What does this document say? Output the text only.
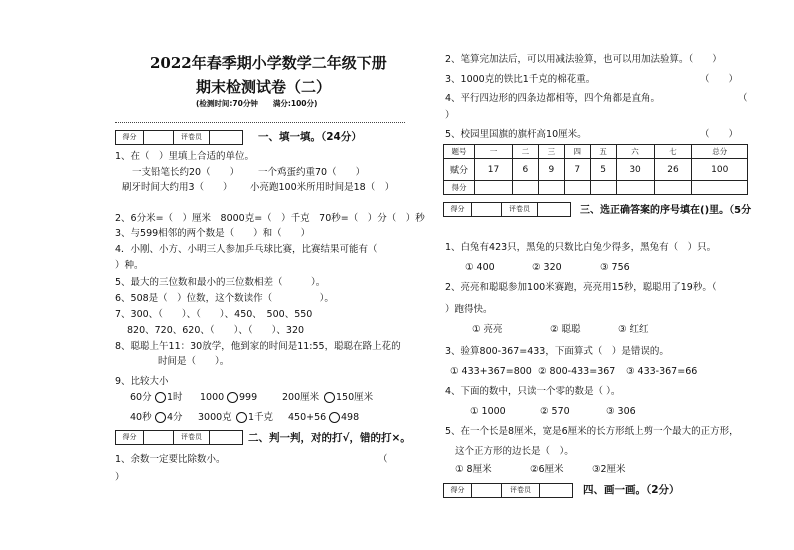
2022年春季期小学数学二年级下册
期末检测试卷（二）
(检测时间:70分钟　　满分:100分)
得分	评卷员	一、填一填。（24分）
1、在（　）里填上合适的单位。
一支铅笔长约20（　　） 一个鸡蛋约重70（　　）
刷牙时间大约用3（　　） 小亮跑100米所用时间是18（　）
2、6分米=（　）厘米　8000克=（　）千克　70秒=（　）分（　）秒
3、与599相邻的两个数是（　　）和（　　）
4．小刚、小方、小明三人参加乒乓球比赛，比赛结果可能有（
）种。
5、最大的三位数和最小的三位数相差（　　　）。
6、508是（　）位数，这个数读作（　　　　　）。
7、300、（　　）、（　　）、450、　500、550
820、720、620、（　　）、（　　）、320
8、聪聪上午11：30放学，他到家的时间是11:55，聪聪在路上花的
时间是（　　）。
9、比较大小
60分 1时 1000 999	200厘米 150厘米
40秒 4分 3000克 1千克 450+56 498
得分	评卷员	二、判一判，对的打√，错的打×。
1、余数一定要比除数小。	（
）
2、笔算完加法后，可以用减法验算，也可以用加法验算。（　　）
3、1000克的铁比1千克的棉花重。	（　　）
4、平行四边形的四条边都相等，四个角都是直角。	（
）
5、校园里国旗的旗杆高10厘米。	（　　）
题号	一	二	三	四	五	六	七	总分
赋分	17	6	9	7	5	30	26	100
得分								
得分	评卷员	三、选正确答案的序号填在()里。（5分
1、白兔有423只，黑兔的只数比白兔少得多，黑兔有（　）只。
① 400	② 320	③ 756
2、亮亮和聪聪参加100米赛跑，亮亮用15秒，聪聪用了19秒。（
）跑得快。
① 亮亮	② 聪聪	③ 红红
3、验算800-367=433，下面算式（　）是错误的。
① 433+367=800 ② 800-433=367 ③ 433-367=66
4、下面的数中，只读一个零的数是（ ）。
① 1000	② 570	③ 306
5、在一个长是8厘米，宽是6厘米的长方形纸上剪一个最大的正方形，
这个正方形的边长是（　）。
① 8厘米	②6厘米	③2厘米
得分	评卷员	四、画一画。（2分）
